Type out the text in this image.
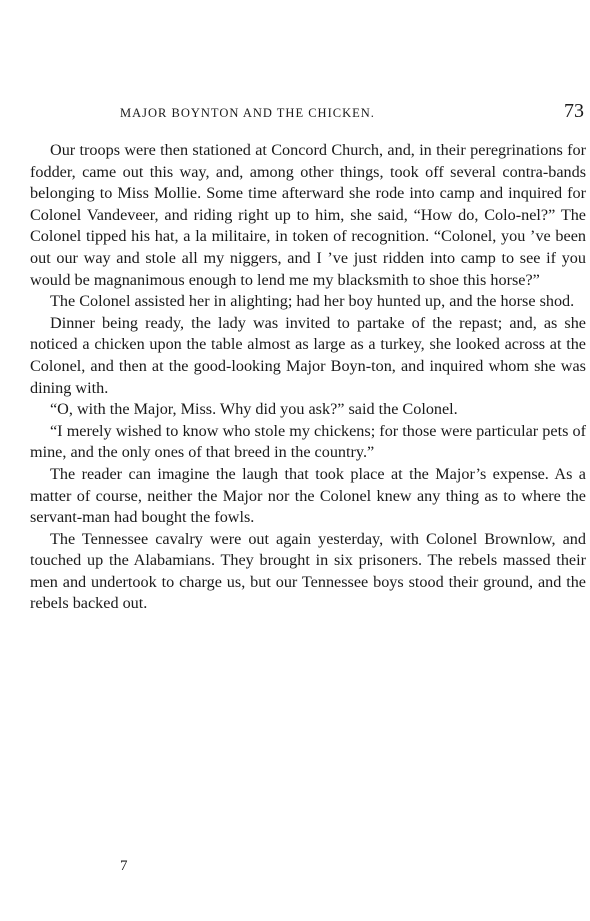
MAJOR BOYNTON AND THE CHICKEN.	73

Our troops were then stationed at Concord Church, and, in their peregrinations for fodder, came out this way, and, among other things, took off several contra-bands belonging to Miss Mollie. Some time afterward she rode into camp and inquired for Colonel Vandeveer, and riding right up to him, she said, “How do, Colo-nel?” The Colonel tipped his hat, a la militaire, in token of recognition. “Colonel, you ’ve been out our way and stole all my niggers, and I ’ve just ridden into camp to see if you would be magnanimous enough to lend me my blacksmith to shoe this horse?”

The Colonel assisted her in alighting; had her boy hunted up, and the horse shod.

Dinner being ready, the lady was invited to partake of the repast; and, as she noticed a chicken upon the table almost as large as a turkey, she looked across at the Colonel, and then at the good-looking Major Boyn-ton, and inquired whom she was dining with.

“O, with the Major, Miss. Why did you ask?” said the Colonel.

“I merely wished to know who stole my chickens; for those were particular pets of mine, and the only ones of that breed in the country.”

The reader can imagine the laugh that took place at the Major’s expense. As a matter of course, neither the Major nor the Colonel knew any thing as to where the servant-man had bought the fowls.

The Tennessee cavalry were out again yesterday, with Colonel Brownlow, and touched up the Alabamians. They brought in six prisoners. The rebels massed their men and undertook to charge us, but our Tennessee boys stood their ground, and the rebels backed out.

7
